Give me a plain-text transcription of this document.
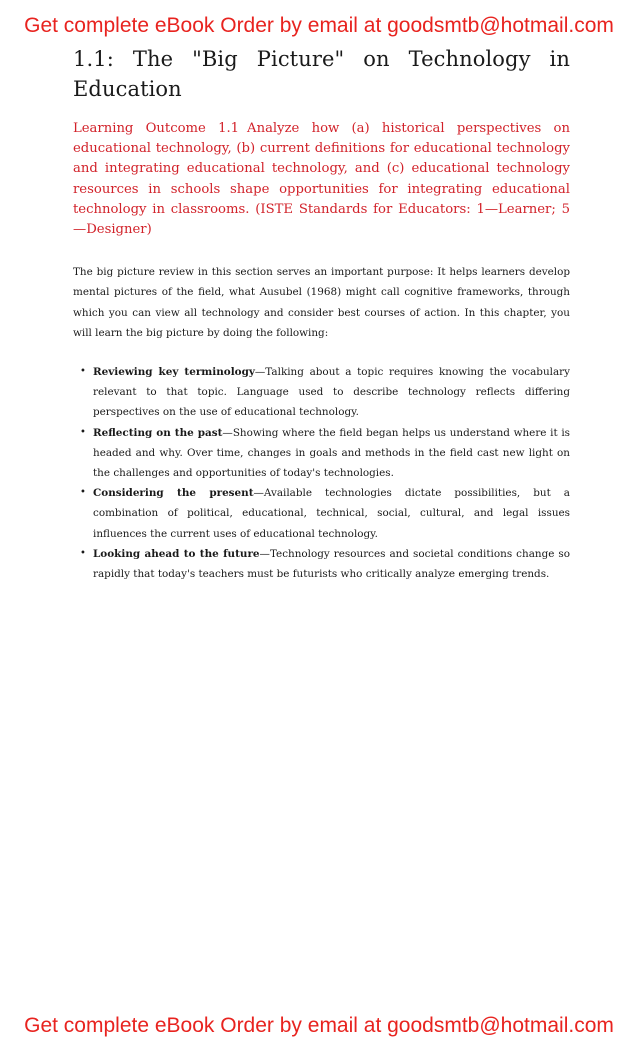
Get complete eBook Order by email at goodsmtb@hotmail.com
1.1: The "Big Picture" on Technology in Education
Learning Outcome 1.1 Analyze how (a) historical perspectives on educational technology, (b) current definitions for educational technology and integrating educational technology, and (c) educational technology resources in schools shape opportunities for integrating educational technology in classrooms. (ISTE Standards for Educators: 1—Learner; 5—Designer)

The big picture review in this section serves an important purpose: It helps learners develop mental pictures of the field, what Ausubel (1968) might call cognitive frameworks, through which you can view all technology and consider best courses of action. In this chapter, you will learn the big picture by doing the following:

• Reviewing key terminology—Talking about a topic requires knowing the vocabulary relevant to that topic. Language used to describe technology reflects differing perspectives on the use of educational technology.
• Reflecting on the past—Showing where the field began helps us understand where it is headed and why. Over time, changes in goals and methods in the field cast new light on the challenges and opportunities of today's technologies.
• Considering the present—Available technologies dictate possibilities, but a combination of political, educational, technical, social, cultural, and legal issues influences the current uses of educational technology.
• Looking ahead to the future—Technology resources and societal conditions change so rapidly that today's teachers must be futurists who critically analyze emerging trends.
Get complete eBook Order by email at goodsmtb@hotmail.com
